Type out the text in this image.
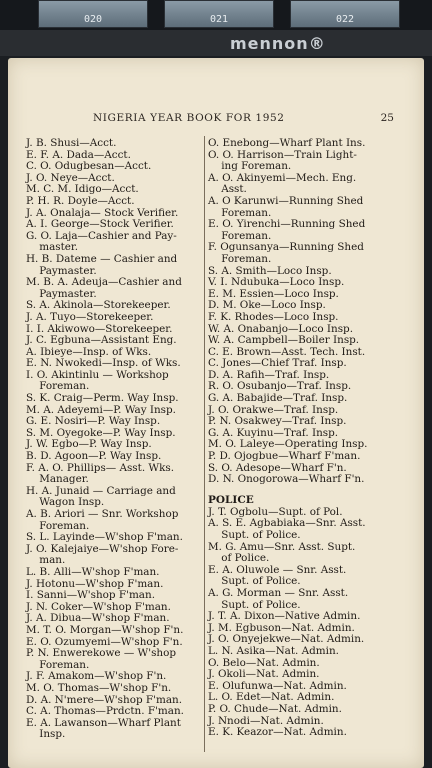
020	021	022
mennon®
NIGERIA YEAR BOOK FOR 1952	25
J. B. Shusi—Acct.
E. F. A. Dada—Acct.
C. O. Odugbesan—Acct.
J. O. Neye—Acct.
M. C. M. Idigo—Acct.
P. H. R. Doyle—Acct.
J. A. Onalaja— Stock Verifier.
A. I. George—Stock Verifier.
G. O. Laja—Cashier and Pay-
master.
H. B. Dateme — Cashier and
Paymaster.
M. B. A. Adeuja—Cashier and
Paymaster.
S. A. Akinola—Storekeeper.
J. A. Tuyo—Storekeeper.
I. I. Akiwowo—Storekeeper.
J. C. Egbuna—Assistant Eng.
A. Ibieye—Insp. of Wks.
E. N. Nwokedi—Insp. of Wks.
I. O. Akintinlu — Workshop
Foreman.
S. K. Craig—Perm. Way Insp.
M. A. Adeyemi—P. Way Insp.
G. E. Nosiri—P. Way Insp.
S. M. Oyegoke—P. Way Insp.
J. W. Egbo—P. Way Insp.
B. D. Agoon—P. Way Insp.
F. A. O. Phillips— Asst. Wks.
Manager.
H. A. Junaid — Carriage and
Wagon Insp.
A. B. Ariori — Snr. Workshop
Foreman.
S. L. Layinde—W'shop F'man.
J. O. Kalejaiye—W'shop Fore-
man.
L. B. Alli—W'shop F'man.
J. Hotonu—W'shop F'man.
I. Sanni—W'shop F'man.
J. N. Coker—W'shop F'man.
J. A. Dibua—W'shop F'man.
M. T. O. Morgan—W'shop F'n.
E. O. Ozumyemi—W'shop F'n.
P. N. Enwerekowe — W'shop
Foreman.
J. F. Amakom—W'shop F'n.
M. O. Thomas—W'shop F'n.
D. A. N'mere—W'shop F'man.
C. A. Thomas—Prdctn. F'man.
E. A. Lawanson—Wharf Plant
Insp.
O. Enebong—Wharf Plant Ins.
O. O. Harrison—Train Light-
ing Foreman.
A. O. Akinyemi—Mech. Eng.
Asst.
A. O Karunwi—Running Shed
Foreman.
E. O. Yirenchi—Running Shed
Foreman.
F. Ogunsanya—Running Shed
Foreman.
S. A. Smith—Loco Insp.
V. I. Ndubuka—Loco Insp.
E. M. Essien—Loco Insp.
D. M. Oke—Loco Insp.
F. K. Rhodes—Loco Insp.
W. A. Onabanjo—Loco Insp.
W. A. Campbell—Boiler Insp.
C. E. Brown—Asst. Tech. Inst.
C. Jones—Chief Traf. Insp.
D. A. Rafih—Traf. Insp.
R. O. Osubanjo—Traf. Insp.
G. A. Babajide—Traf. Insp.
J. O. Orakwe—Traf. Insp.
P. N. Osakwey—Traf. Insp.
G. A. Kuyinu—Traf. Insp.
M. O. Laleye—Operating Insp.
P. D. Ojogbue—Wharf F'man.
S. O. Adesope—Wharf F'n.
D. N. Onogorowa—Wharf F'n.
POLICE
J. T. Ogbolu—Supt. of Pol.
A. S. E. Agbabiaka—Snr. Asst.
Supt. of Police.
M. G. Amu—Snr. Asst. Supt.
of Police.
E. A. Oluwole — Snr. Asst.
Supt. of Police.
A. G. Morman — Snr. Asst.
Supt. of Police.
J. T. A. Dixon—Native Admin.
J. M. Egbuson—Nat. Admin.
J. O. Onyejekwe—Nat. Admin.
L. N. Asika—Nat. Admin.
O. Belo—Nat. Admin.
J. Okoli—Nat. Admin.
E. Olufunwa—Nat. Admin.
L. O. Edet—Nat. Admin.
P. O. Chude—Nat. Admin.
J. Nnodi—Nat. Admin.
E. K. Keazor—Nat. Admin.
